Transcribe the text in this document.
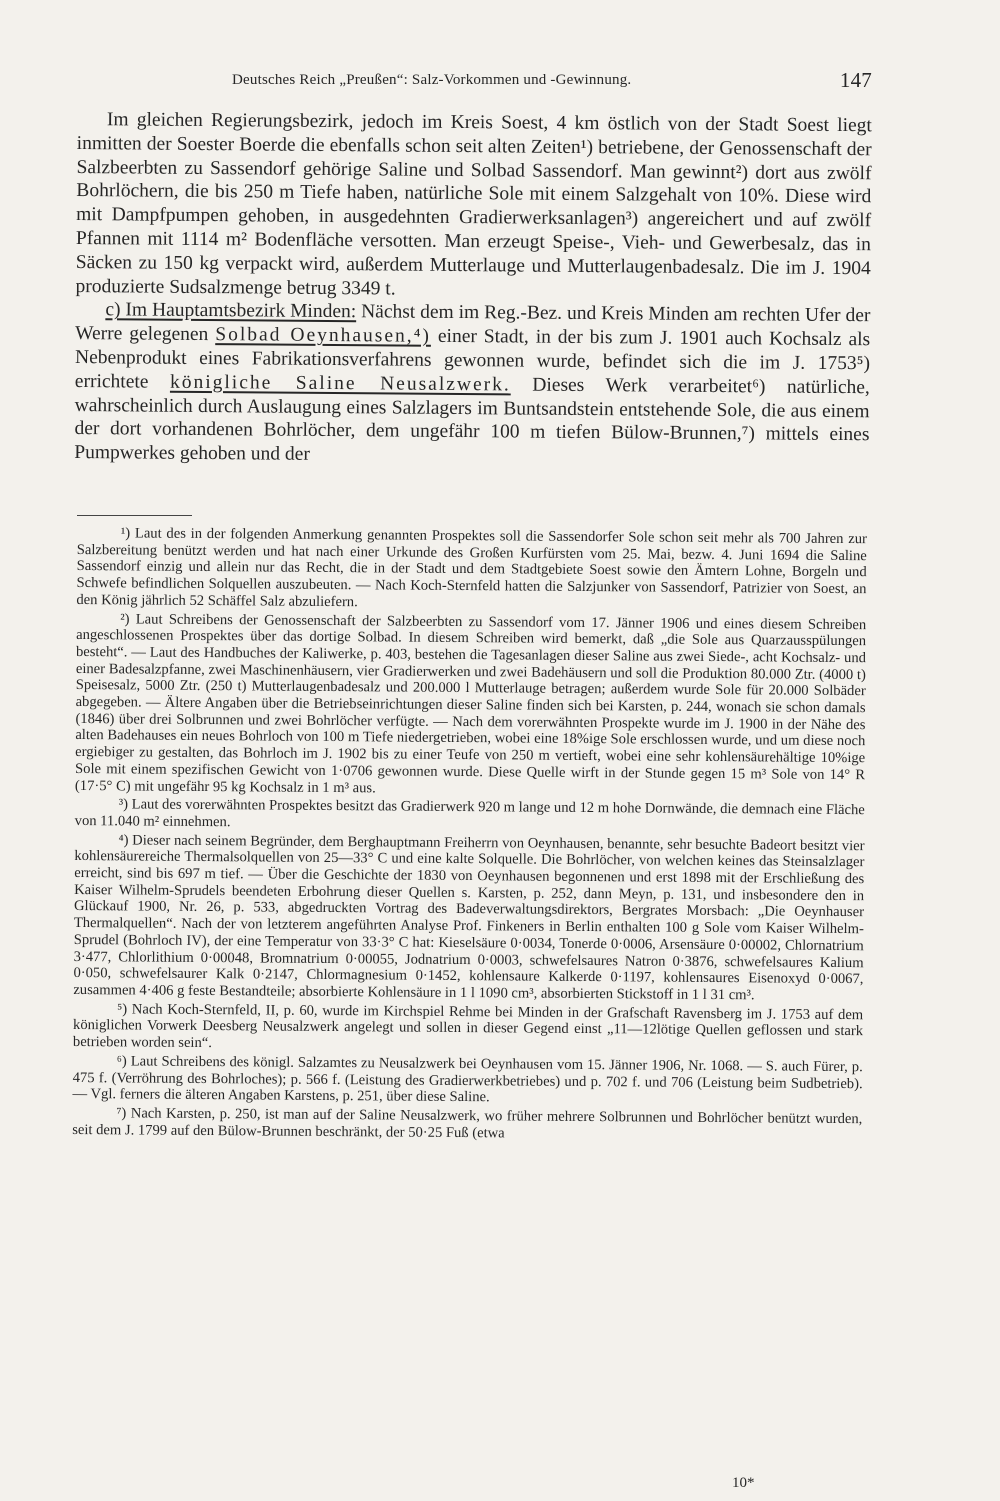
Deutsches Reich „Preußen“: Salz-Vorkommen und -Gewinnung.	147

Im gleichen Regierungsbezirk, jedoch im Kreis Soest, 4 km östlich von der Stadt Soest liegt inmitten der Soester Boerde die ebenfalls schon seit alten Zeiten¹) betriebene, der Genossenschaft der Salzbeerbten zu Sassendorf gehörige Saline und Solbad Sassendorf. Man gewinnt²) dort aus zwölf Bohrlöchern, die bis 250 m Tiefe haben, natürliche Sole mit einem Salzgehalt von 10%. Diese wird mit Dampfpumpen gehoben, in ausgedehnten Gradierwerksanlagen³) angereichert und auf zwölf Pfannen mit 1114 m² Bodenfläche versotten. Man erzeugt Speise-, Vieh- und Gewerbesalz, das in Säcken zu 150 kg verpackt wird, außerdem Mutterlauge und Mutterlaugenbadesalz. Die im J. 1904 produzierte Sudsalzmenge betrug 3349 t.

c) Im Hauptamtsbezirk Minden: Nächst dem im Reg.-Bez. und Kreis Minden am rechten Ufer der Werre gelegenen Solbad Oeynhausen,⁴) einer Stadt, in der bis zum J. 1901 auch Kochsalz als Nebenprodukt eines Fabrikationsverfahrens gewonnen wurde, befindet sich die im J. 1753⁵) errichtete königliche Saline Neusalzwerk. Dieses Werk verarbeitet⁶) natürliche, wahrscheinlich durch Auslaugung eines Salzlagers im Buntsandstein entstehende Sole, die aus einem der dort vorhandenen Bohrlöcher, dem ungefähr 100 m tiefen Bülow-Brunnen,⁷) mittels eines Pumpwerkes gehoben und der

¹) Laut des in der folgenden Anmerkung genannten Prospektes soll die Sassendorfer Sole schon seit mehr als 700 Jahren zur Salzbereitung benützt werden und hat nach einer Urkunde des Großen Kurfürsten vom 25. Mai, bezw. 4. Juni 1694 die Saline Sassendorf einzig und allein nur das Recht, die in der Stadt und dem Stadtgebiete Soest sowie den Ämtern Lohne, Borgeln und Schwefe befindlichen Solquellen auszubeuten. — Nach Koch-Sternfeld hatten die Salzjunker von Sassendorf, Patrizier von Soest, an den König jährlich 52 Schäffel Salz abzuliefern.

²) Laut Schreibens der Genossenschaft der Salzbeerbten zu Sassendorf vom 17. Jänner 1906 und eines diesem Schreiben angeschlossenen Prospektes über das dortige Solbad. In diesem Schreiben wird bemerkt, daß „die Sole aus Quarzausspülungen besteht“. — Laut des Handbuches der Kaliwerke, p. 403, bestehen die Tagesanlagen dieser Saline aus zwei Siede-, acht Kochsalz- und einer Badesalzpfanne, zwei Maschinenhäusern, vier Gradierwerken und zwei Badehäusern und soll die Produktion 80.000 Ztr. (4000 t) Speisesalz, 5000 Ztr. (250 t) Mutterlaugenbadesalz und 200.000 l Mutterlauge betragen; außerdem wurde Sole für 20.000 Solbäder abgegeben. — Ältere Angaben über die Betriebseinrichtungen dieser Saline finden sich bei Karsten, p. 244, wonach sie schon damals (1846) über drei Solbrunnen und zwei Bohrlöcher verfügte. — Nach dem vorerwähnten Prospekte wurde im J. 1900 in der Nähe des alten Badehauses ein neues Bohrloch von 100 m Tiefe niedergetrieben, wobei eine 18%ige Sole erschlossen wurde, und um diese noch ergiebiger zu gestalten, das Bohrloch im J. 1902 bis zu einer Teufe von 250 m vertieft, wobei eine sehr kohlensäurehältige 10%ige Sole mit einem spezifischen Gewicht von 1·0706 gewonnen wurde. Diese Quelle wirft in der Stunde gegen 15 m³ Sole von 14° R (17·5° C) mit ungefähr 95 kg Kochsalz in 1 m³ aus.

³) Laut des vorerwähnten Prospektes besitzt das Gradierwerk 920 m lange und 12 m hohe Dornwände, die demnach eine Fläche von 11.040 m² einnehmen.

⁴) Dieser nach seinem Begründer, dem Berghauptmann Freiherrn von Oeynhausen, benannte, sehr besuchte Badeort besitzt vier kohlensäurereiche Thermalsolquellen von 25—33° C und eine kalte Solquelle. Die Bohrlöcher, von welchen keines das Steinsalzlager erreicht, sind bis 697 m tief. — Über die Geschichte der 1830 von Oeynhausen begonnenen und erst 1898 mit der Erschließung des Kaiser Wilhelm-Sprudels beendeten Erbohrung dieser Quellen s. Karsten, p. 252, dann Meyn, p. 131, und insbesondere den in Glückauf 1900, Nr. 26, p. 533, abgedruckten Vortrag des Badeverwaltungsdirektors, Bergrates Morsbach: „Die Oeynhauser Thermalquellen“. Nach der von letzterem angeführten Analyse Prof. Finkeners in Berlin enthalten 100 g Sole vom Kaiser Wilhelm-Sprudel (Bohrloch IV), der eine Temperatur von 33·3° C hat: Kieselsäure 0·0034, Tonerde 0·0006, Arsensäure 0·00002, Chlornatrium 3·477, Chlorlithium 0·00048, Bromnatrium 0·00055, Jodnatrium 0·0003, schwefelsaures Natron 0·3876, schwefelsaures Kalium 0·050, schwefelsaurer Kalk 0·2147, Chlormagnesium 0·1452, kohlensaure Kalkerde 0·1197, kohlensaures Eisenoxyd 0·0067, zusammen 4·406 g feste Bestandteile; absorbierte Kohlensäure in 1 l 1090 cm³, absorbierten Stickstoff in 1 l 31 cm³.

⁵) Nach Koch-Sternfeld, II, p. 60, wurde im Kirchspiel Rehme bei Minden in der Grafschaft Ravensberg im J. 1753 auf dem königlichen Vorwerk Deesberg Neusalzwerk angelegt und sollen in dieser Gegend einst „11—12lötige Quellen geflossen und stark betrieben worden sein“.

⁶) Laut Schreibens des königl. Salzamtes zu Neusalzwerk bei Oeynhausen vom 15. Jänner 1906, Nr. 1068. — S. auch Fürer, p. 475 f. (Verröhrung des Bohrloches); p. 566 f. (Leistung des Gradierwerkbetriebes) und p. 702 f. und 706 (Leistung beim Sudbetrieb). — Vgl. ferners die älteren Angaben Karstens, p. 251, über diese Saline.

⁷) Nach Karsten, p. 250, ist man auf der Saline Neusalzwerk, wo früher mehrere Solbrunnen und Bohrlöcher benützt wurden, seit dem J. 1799 auf den Bülow-Brunnen beschränkt, der 50·25 Fuß (etwa

10*
